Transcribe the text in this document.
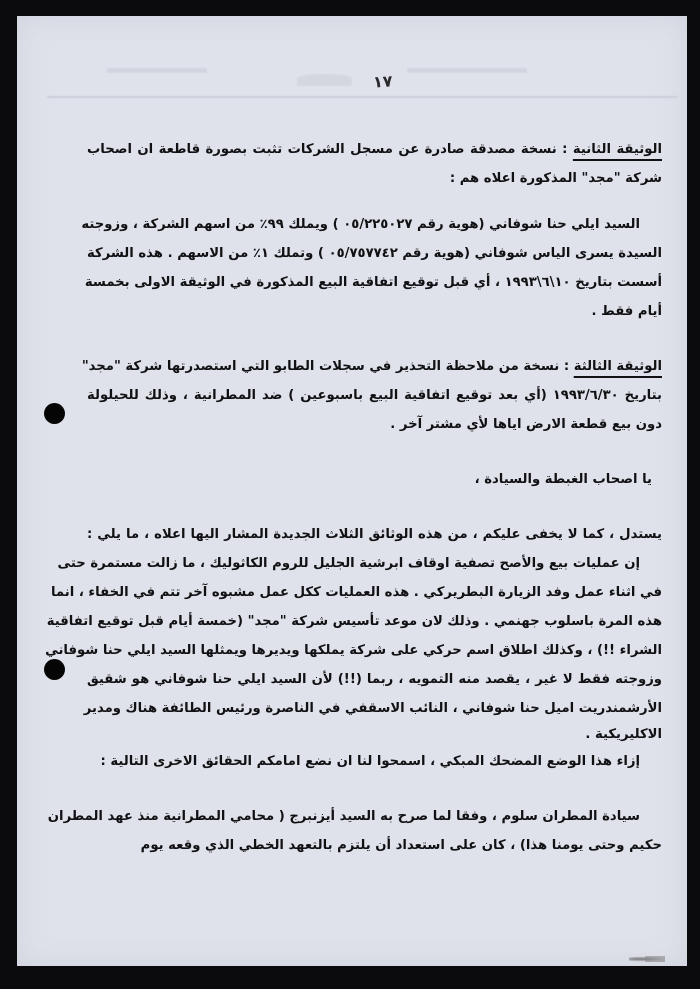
١٧
الوثيقة الثانية : نسخة مصدقة صادرة عن مسجل الشركات تثبت بصورة قاطعة ان اصحاب
شركة "مجد" المذكورة اعلاه هم :
السيد ايلي حنا شوفاني (هوية رقم ٠٥/٢٢٥٠٢٧ ) ويملك ٩٩٪ من اسهم الشركة ، وزوجته
السيدة يسرى الياس شوفاني (هوية رقم ٠٥/٧٥٧٧٤٢ ) وتملك ١٪ من الاسهم . هذه الشركة
أسست بتاريخ ١٠\٦\١٩٩٣ ، أي قبل توقيع اتفاقية البيع المذكورة في الوثيقة الاولى بخمسة
أيام فقط .
الوثيقة الثالثة : نسخة من ملاحظة التحذير في سجلات الطابو التي استصدرتها شركة "مجد"
بتاريخ ١٩٩٣/٦/٣٠ (أي بعد توقيع اتفاقية البيع باسبوعين ) ضد المطرانية ، وذلك للحيلولة
دون بيع قطعة الارض اياها لأي مشتر آخر .
يا اصحاب الغبطة والسيادة ،
يستدل ، كما لا يخفى عليكم ، من هذه الوثائق الثلاث الجديدة المشار اليها اعلاه ، ما يلي :
إن عمليات بيع والأصح تصفية اوقاف ابرشية الجليل للروم الكاثوليك ، ما زالت مستمرة حتى
في اثناء عمل وفد الزيارة البطريركي . هذه العمليات ككل عمل مشبوه آخر تتم في الخفاء ، انما
هذه المرة باسلوب جهنمي . وذلك لان موعد تأسيس شركة "مجد" (خمسة أيام قبل توقيع اتفاقية
الشراء !!) ، وكذلك اطلاق اسم حركي على شركة يملكها ويديرها ويمثلها السيد ايلي حنا شوفاني
وزوجته فقط لا غير ، يقصد منه التمويه ، ربما (!!) لأن السيد ايلي حنا شوفاني هو شقيق
الأرشمندريت اميل حنا شوفاني ، النائب الاسقفي في الناصرة ورئيس الطائفة هناك ومدير
الاكليريكية .
إزاء هذا الوضع المضحك المبكي ، اسمحوا لنا ان نضع امامكم الحقائق الاخرى التالية :
سيادة المطران سلوم ، وفقا لما صرح به السيد أيزنبرج ( محامي المطرانية منذ عهد المطران
حكيم وحتى يومنا هذا) ، كان على استعداد أن يلتزم بالتعهد الخطي الذي وقعه يوم
